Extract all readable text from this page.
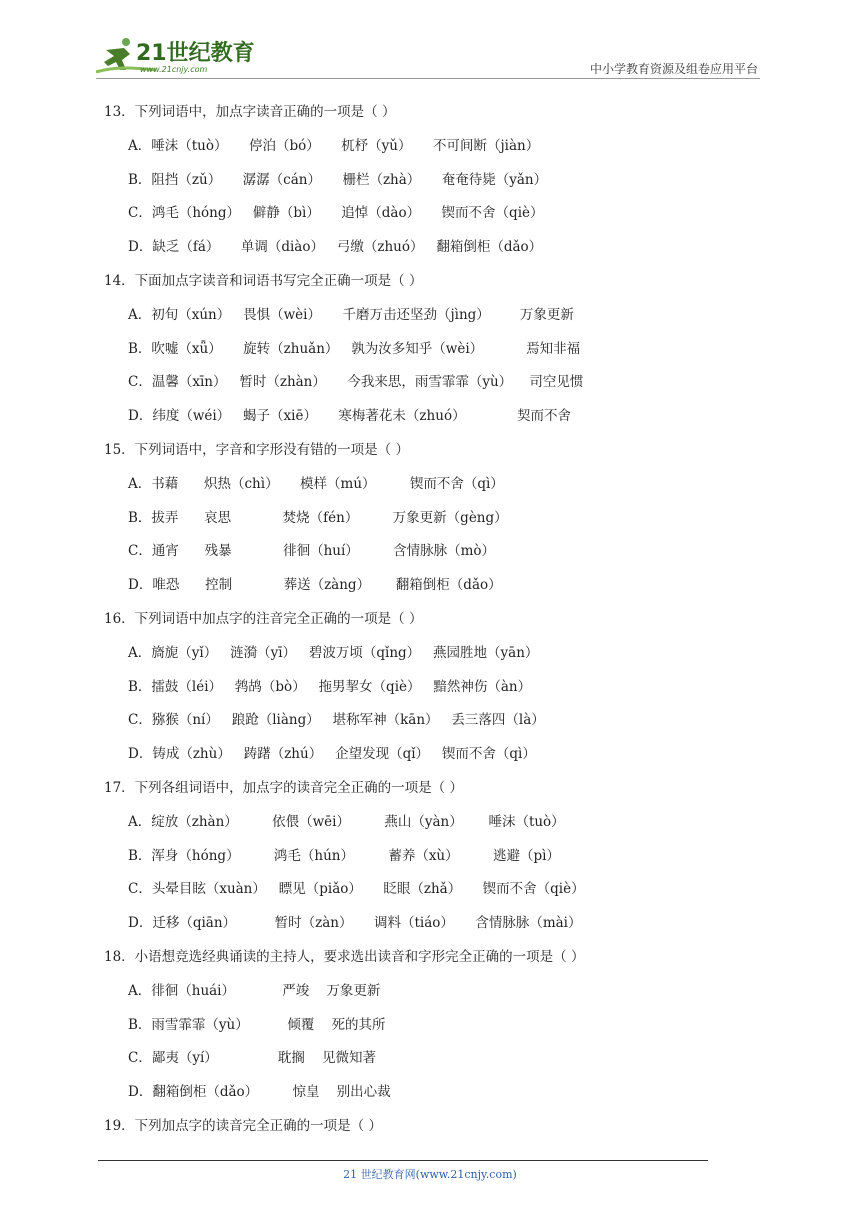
21世纪教育
www.21cnjy.com	中小学教育资源及组卷应用平台
13．下列词语中，加点字读音正确的一项是（ ）
A．唾沫（tuò）     停泊（bó）     杌杼（yǔ）     不可间断（jiàn）
B．阻挡（zǔ）     潺潺（cán）     栅栏（zhà）     奄奄待毙（yǎn）
C．鸿毛（hóng）   僻静（bì）     追悼（dào）     锲而不舍（qiè）
D．缺乏（fá）     单调（diào）   弓缴（zhuó）   翻箱倒柜（dǎo）
14．下面加点字读音和词语书写完全正确一项是（ ）
A．初旬（xún）   畏惧（wèi）     千磨万击还坚劲（jìng）       万象更新
B．吹嘘（xǖ）     旋转（zhuǎn）   孰为汝多知乎（wèi）          焉知非福
C．温馨（xīn）   暂时（zhàn）     今我来思，雨雪霏霏（yù）    司空见惯
D．纬度（wéi）   蝎子（xiē）     寒梅著花未（zhuó）            契而不舍
15．下列词语中，字音和字形没有错的一项是（ ）
A．书藉      炽热（chì）     模样（mú）        锲而不舍（qì）
B．拔弄      哀思            焚烧（fén）        万象更新（gèng）
C．通宵      残暴            徘徊（huí）        含情脉脉（mò）
D．唯恐      控制            葬送（zàng）      翻箱倒柜（dǎo）
16．下列词语中加点字的注音完全正确的一项是（ ）
A．旖旎（yǐ）   涟漪（yī）   碧波万顷（qǐng）   燕园胜地（yān）
B．擂鼓（léi）   鹁鸪（bò）   拖男挈女（qiè）   黯然神伤（àn）
C．猕猴（ní）   踉跄（liàng）   堪称军神（kān）   丢三落四（là）
D．铸成（zhù）   踌躇（zhú）   企望发现（qǐ）   锲而不舍（qì）
17．下列各组词语中，加点字的读音完全正确的一项是（ ）
A．绽放（zhàn）        依偎（wēi）        燕山（yàn）      唾沫（tuò）
B．浑身（hóng）        鸿毛（hún）        蓄养（xù）        逃避（pì）
C．头晕目眩（xuàn）   瞟见（piǎo）     眨眼（zhǎ）     锲而不舍（qiè）
D．迁移（qiān）         暂时（zàn）     调料（tiáo）     含情脉脉（mài）
18．小语想竞选经典诵读的主持人，要求选出读音和字形完全正确的一项是（ ）
A．徘徊（huái）           严竣    万象更新
B．雨雪霏霏（yù）         倾覆    死的其所
C．鄙夷（yí）              耽搁    见微知著
D．翻箱倒柜（dǎo）        惊皇    别出心裁
19．下列加点字的读音完全正确的一项是（ ）
21 世纪教育网(www.21cnjy.com)
